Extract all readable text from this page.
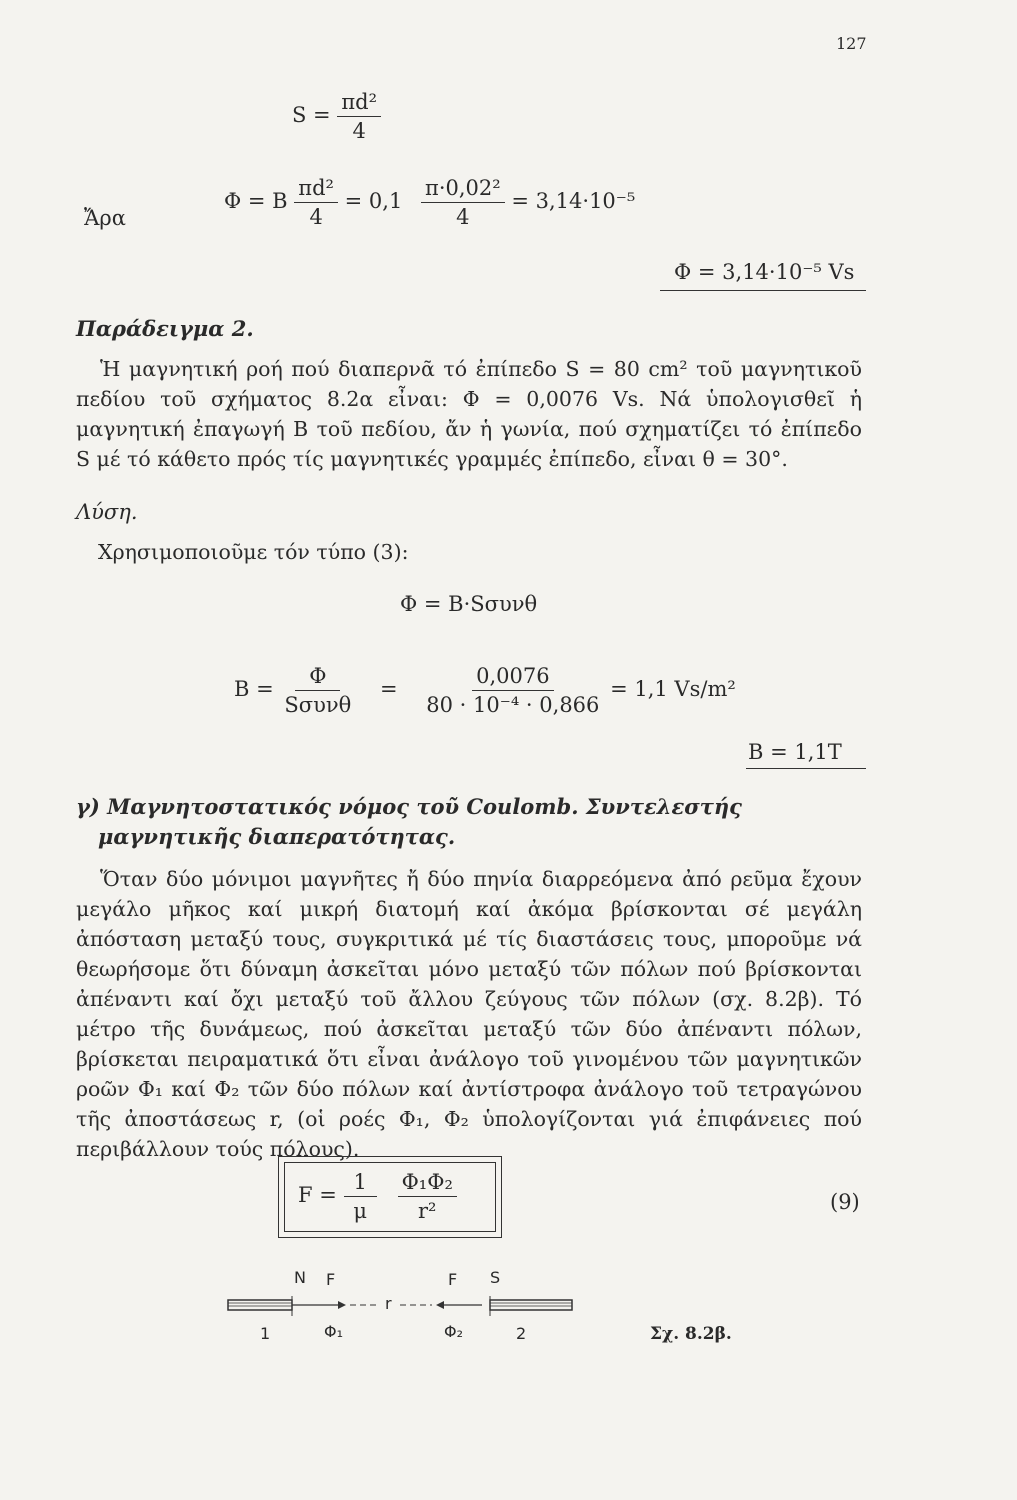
127
$S = \frac{\text{πd²}}{4}$
Ἄρα
Φ = B $\frac{\text{πd²}}{4} = 0,1 \frac{\text{π·0,02²}}{4} = 3,14\cdot 10^{-5}$
Φ = 3,14·10⁻⁵ Vs
Παράδειγμα 2.
Ἡ μαγνητική ροή πού διαπερνᾶ τό ἐπίπεδο S = 80 cm² τοῦ μαγνητικοῦ πεδίου τοῦ σχήματος 8.2α εἶναι: Φ = 0,0076 Vs. Νά ὑπολογισθεῖ ἡ μαγνητική ἐπαγωγή B τοῦ πεδίου, ἄν ἡ γωνία, πού σχηματίζει τό ἐπίπεδο S μέ τό κάθετο πρός τίς μαγνητικές γραμμές ἐπίπεδο, εἶναι θ = 30°.
Λύση.
Χρησιμοποιοῦμε τόν τύπο (3):
Φ = B·Sσυνθ
$B = \frac{\Phi}{\text{Sσυνθ}} = \frac{0,0076}{\text{80 · 10⁻⁴ · 0,866}} = 1,1$ Vs/m²
B = 1,1T
γ) Μαγνητοστατικός νόμος τοῦ Coulomb. Συντελεστής μαγνητικῆς διαπερατότητας.
Ὅταν δύο μόνιμοι μαγνῆτες ἤ δύο πηνία διαρρεόμενα ἀπό ρεῦμα ἔχουν μεγάλο μῆκος καί μικρή διατομή καί ἀκόμα βρίσκονται σέ μεγάλη ἀπόσταση μεταξύ τους, συγκριτικά μέ τίς διαστάσεις τους, μποροῦμε νά θεωρήσομε ὅτι δύναμη ἀσκεῖται μόνο μεταξύ τῶν πόλων πού βρίσκονται ἀπέναντι καί ὄχι μεταξύ τοῦ ἄλλου ζεύγους τῶν πόλων (σχ. 8.2β). Τό μέτρο τῆς δυνάμεως, πού ἀσκεῖται μεταξύ τῶν δύο ἀπέναντι πόλων, βρίσκεται πειραματικά ὅτι εἶναι ἀνάλογο τοῦ γινομένου τῶν μαγνητικῶν ροῶν Φ₁ καί Φ₂ τῶν δύο πόλων καί ἀντίστροφα ἀνάλογο τοῦ τετραγώνου τῆς ἀποστάσεως r, (οἱ ροές Φ₁, Φ₂ ὑπολογίζονται γιά ἐπιφάνειες πού περιβάλλουν τούς πόλους).
$F = \frac{1}{\mu}$
$\frac{\text{Φ₁Φ₂}}{\text{r²}}$	(9)
N F	F S
r
1	Φ₁	Φ₂	2	Σχ. 8.2β.
